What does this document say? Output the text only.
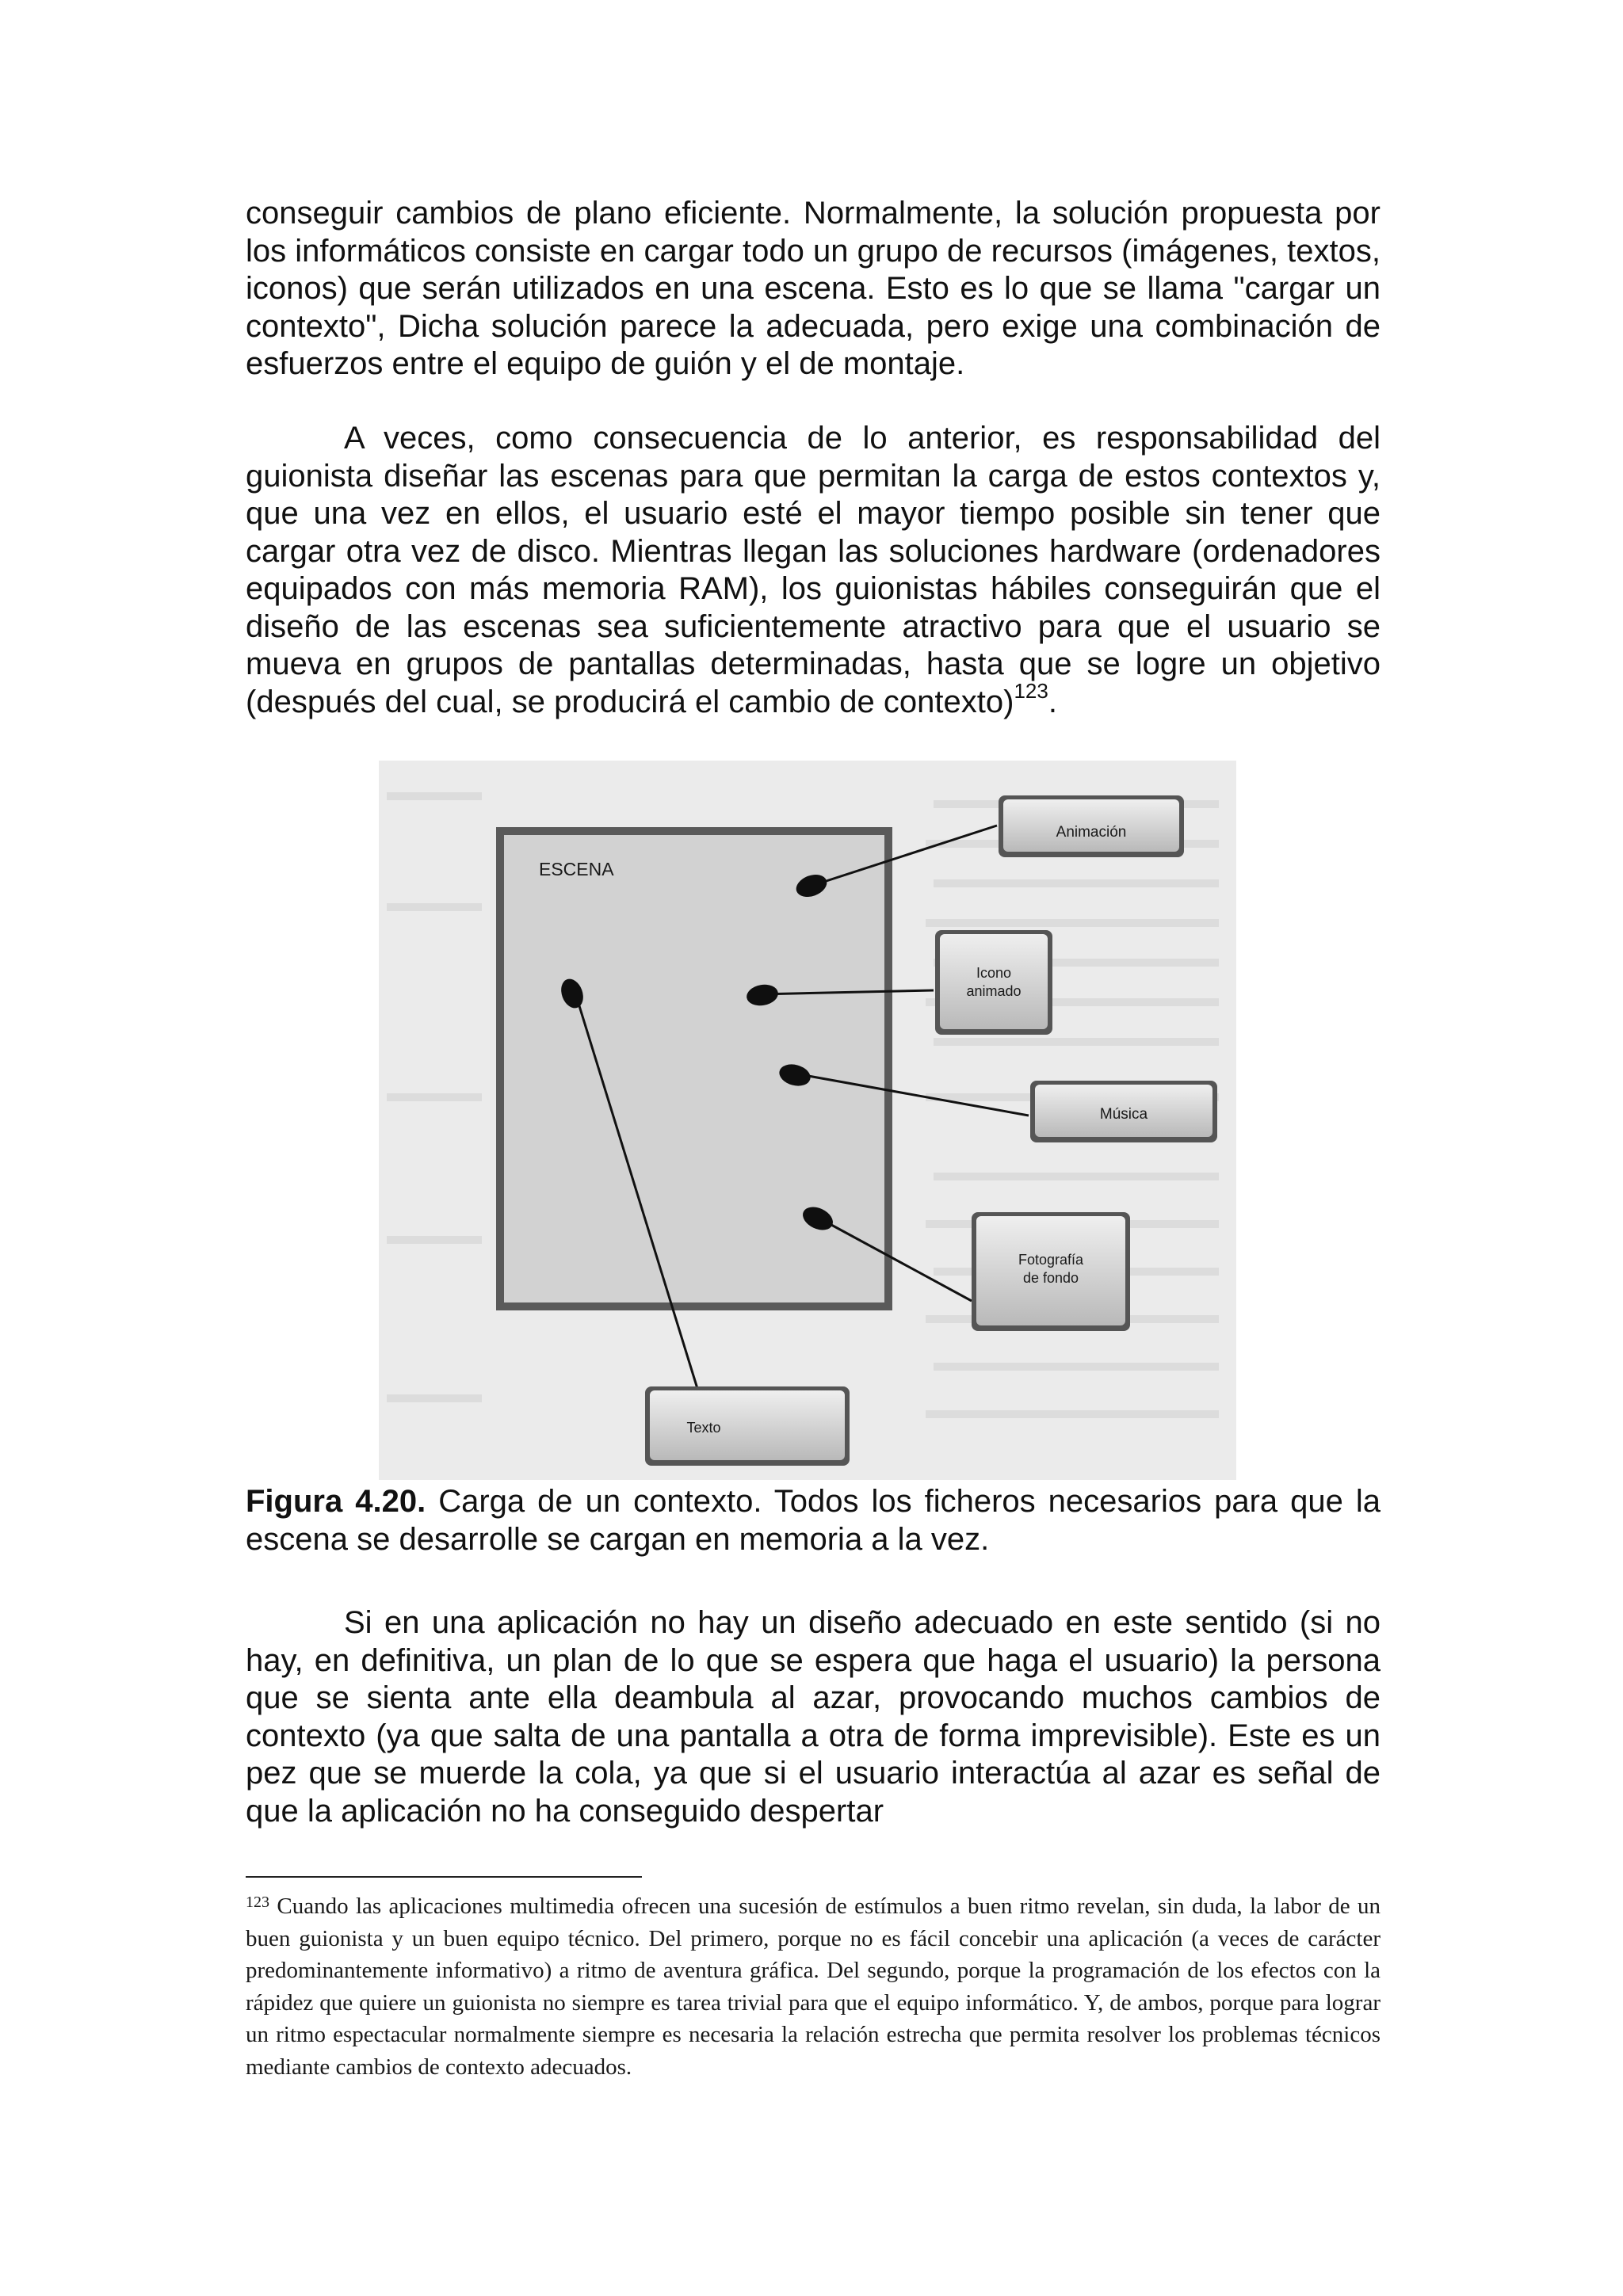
conseguir cambios de plano eficiente. Normalmente, la solución propuesta por los informáticos consiste en cargar todo un grupo de recursos (imágenes, textos, iconos) que serán utilizados en una escena. Esto es lo que se llama "cargar un contexto", Dicha solución parece la adecuada, pero exige una combinación de esfuerzos entre el equipo de guión y el de montaje.

A veces, como consecuencia de lo anterior, es responsabilidad del guionista diseñar las escenas para que permitan la carga de estos contextos y, que una vez en ellos, el usuario esté el mayor tiempo posible sin tener que cargar otra vez de disco. Mientras llegan las soluciones hardware (ordenadores equipados con más memoria RAM), los guionistas hábiles conseguirán que el diseño de las escenas sea suficientemente atractivo para que el usuario se mueva en grupos de pantallas determinadas, hasta que se logre un objetivo (después del cual, se producirá el cambio de contexto)$^{123}$.

ESCENA
Animación
Icono
animado
Música
Fotografía
de fondo
Texto

Figura 4.20. Carga de un contexto. Todos los ficheros necesarios para que la escena se desarrolle se cargan en memoria a la vez.

Si en una aplicación no hay un diseño adecuado en este sentido (si no hay, en definitiva, un plan de lo que se espera que haga el usuario) la persona que se sienta ante ella deambula al azar, provocando muchos cambios de contexto (ya que salta de una pantalla a otra de forma imprevisible). Este es un pez que se muerde la cola, ya que si el usuario interactúa al azar es señal de que la aplicación no ha conseguido despertar

$^{123}$ Cuando las aplicaciones multimedia ofrecen una sucesión de estímulos a buen ritmo revelan, sin duda, la labor de un buen guionista y un buen equipo técnico. Del primero, porque no es fácil concebir una aplicación (a veces de carácter predominantemente informativo) a ritmo de aventura gráfica. Del segundo, porque la programación de los efectos con la rápidez que quiere un guionista no siempre es tarea trivial para que el equipo informático. Y, de ambos, porque para lograr un ritmo espectacular normalmente siempre es necesaria la relación estrecha que permita resolver los problemas técnicos mediante cambios de contexto adecuados.
